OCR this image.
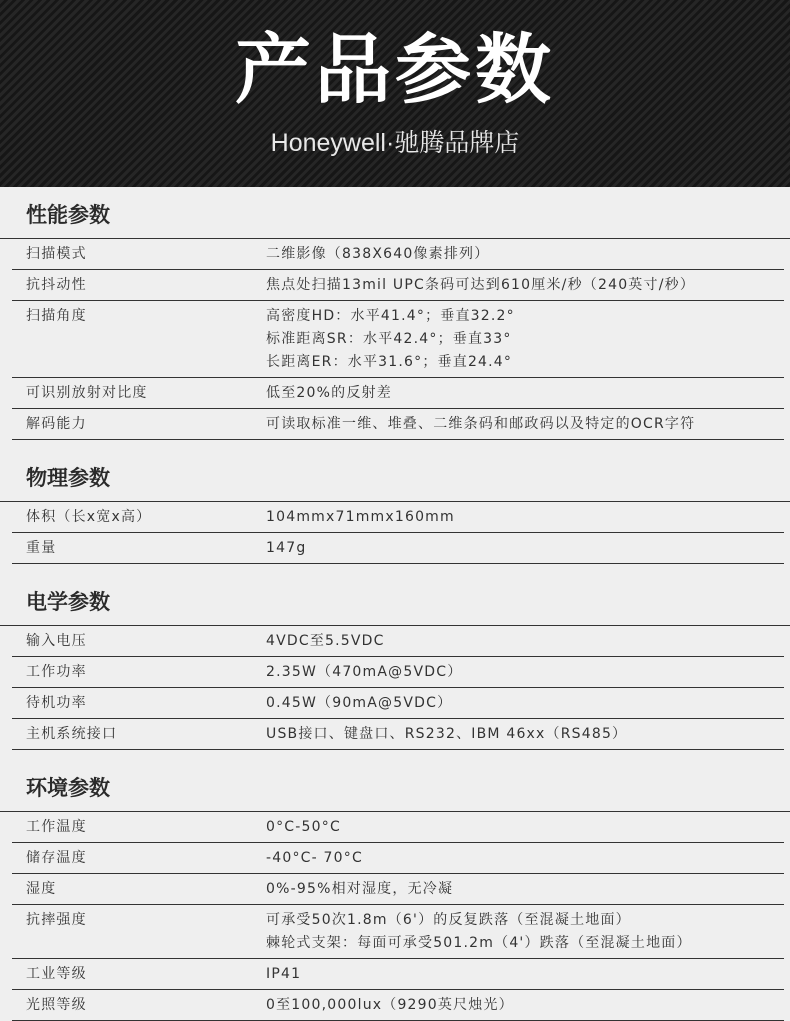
产品参数
Honeywell·驰腾品牌店
性能参数
扫描模式	二维影像（838X640像素排列）
抗抖动性	焦点处扫描13mil UPC条码可达到610厘米/秒（240英寸/秒）
扫描角度	高密度HD：水平41.4°；垂直32.2°
标准距离SR：水平42.4°；垂直33°
长距离ER：水平31.6°；垂直24.4°
可识别放射对比度	低至20%的反射差
解码能力	可读取标准一维、堆叠、二维条码和邮政码以及特定的OCR字符
物理参数
体积（长x宽x高）	104mmx71mmx160mm
重量	147g
电学参数
输入电压	4VDC至5.5VDC
工作功率	2.35W（470mA@5VDC）
待机功率	0.45W（90mA@5VDC）
主机系统接口	USB接口、键盘口、RS232、IBM 46xx（RS485）
环境参数
工作温度	0°C-50°C
储存温度	-40°C- 70°C
湿度	0%-95%相对湿度，无冷凝
抗摔强度	可承受50次1.8m（6'）的反复跌落（至混凝土地面）
棘轮式支架：每面可承受501.2m（4'）跌落（至混凝土地面）
工业等级	IP41
光照等级	0至100,000lux（9290英尺烛光）
